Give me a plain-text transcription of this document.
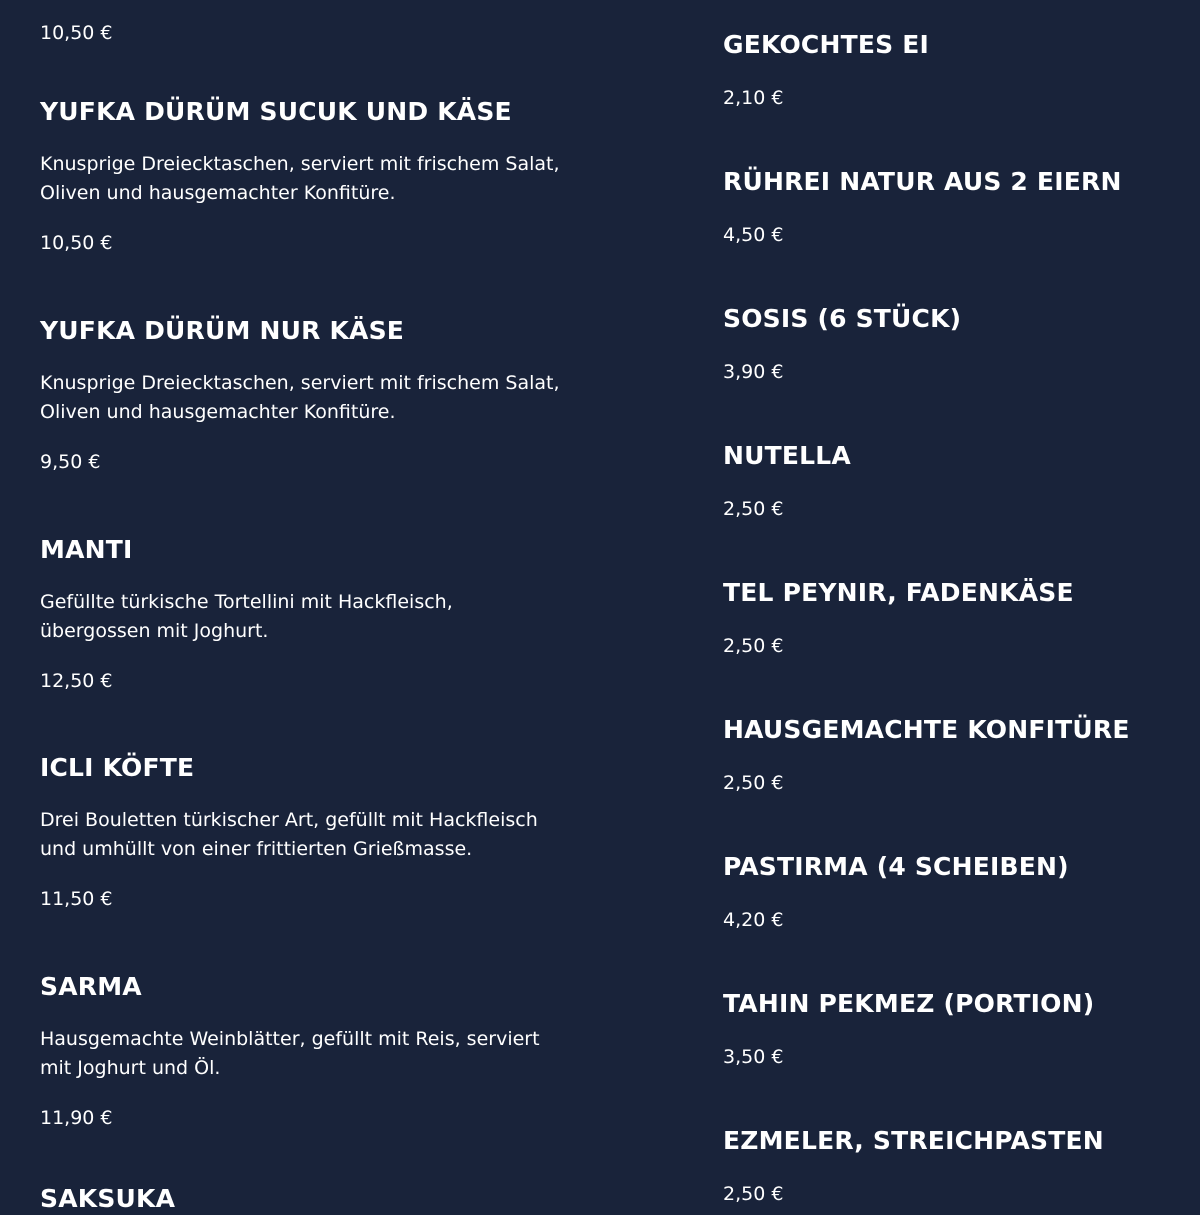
10,50 €
YUFKA DÜRÜM SUCUK UND KÄSE

Knusprige Dreiecktaschen, serviert mit frischem Salat,
Oliven und hausgemachter Konfitüre.

10,50 €
YUFKA DÜRÜM NUR KÄSE

Knusprige Dreiecktaschen, serviert mit frischem Salat,
Oliven und hausgemachter Konfitüre.

9,50 €
MANTI

Gefüllte türkische Tortellini mit Hackfleisch,
übergossen mit Joghurt.

12,50 €
ICLI KÖFTE

Drei Bouletten türkischer Art, gefüllt mit Hackfleisch
und umhüllt von einer frittierten Grießmasse.

11,50 €
SARMA

Hausgemachte Weinblätter, gefüllt mit Reis, serviert
mit Joghurt und Öl.

11,90 €
SAKSUKA
GEKOCHTES EI
2,10 €
RÜHREI NATUR AUS 2 EIERN
4,50 €
SOSIS (6 STÜCK)
3,90 €
NUTELLA
2,50 €
TEL PEYNIR, FADENKÄSE
2,50 €
HAUSGEMACHTE KONFITÜRE
2,50 €
PASTIRMA (4 SCHEIBEN)
4,20 €
TAHIN PEKMEZ (PORTION)
3,50 €
EZMELER, STREICHPASTEN
2,50 €
